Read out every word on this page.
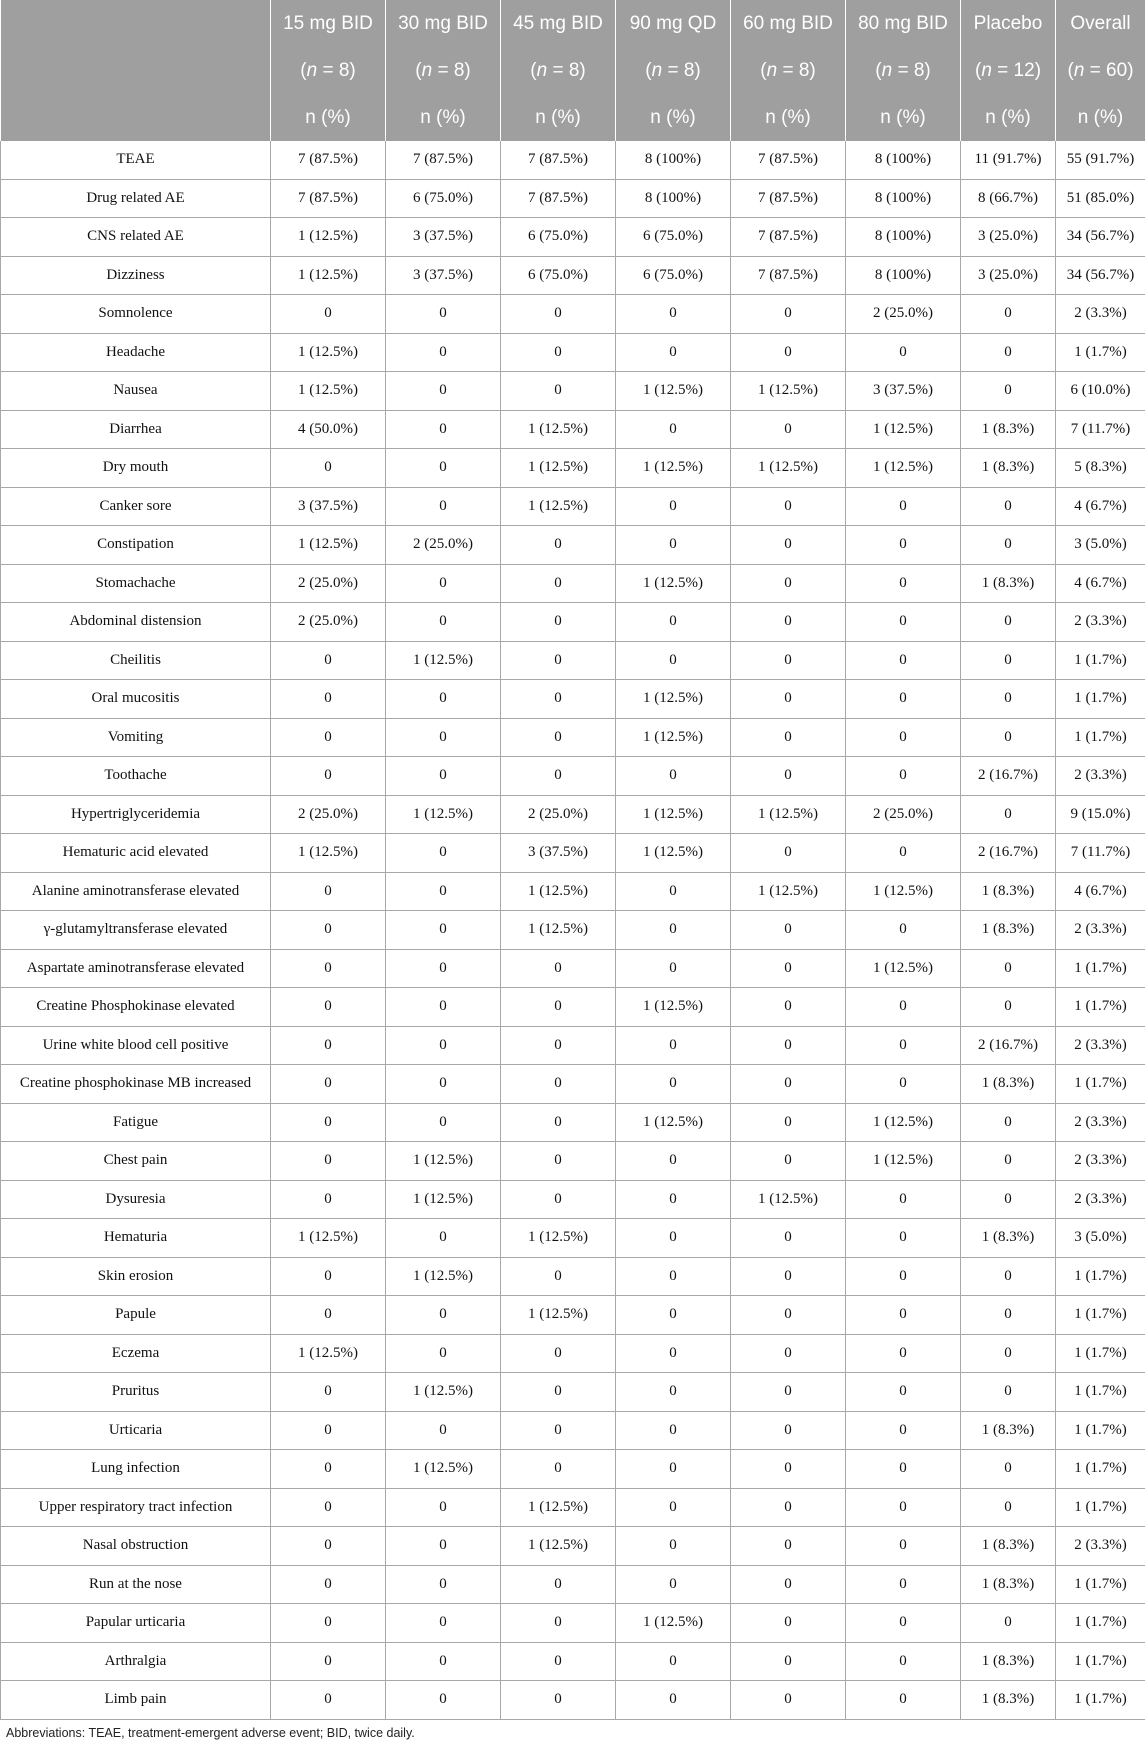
	15 mg BID	30 mg BID	45 mg BID	90 mg QD	60 mg BID	80 mg BID	Placebo	Overall
	(n = 8)	(n = 8)	(n = 8)	(n = 8)	(n = 8)	(n = 8)	(n = 12)	(n = 60)
	n (%)	n (%)	n (%)	n (%)	n (%)	n (%)	n (%)	n (%)
TEAE	7 (87.5%)	7 (87.5%)	7 (87.5%)	8 (100%)	7 (87.5%)	8 (100%)	11 (91.7%)	55 (91.7%)
Drug related AE	7 (87.5%)	6 (75.0%)	7 (87.5%)	8 (100%)	7 (87.5%)	8 (100%)	8 (66.7%)	51 (85.0%)
CNS related AE	1 (12.5%)	3 (37.5%)	6 (75.0%)	6 (75.0%)	7 (87.5%)	8 (100%)	3 (25.0%)	34 (56.7%)
Dizziness	1 (12.5%)	3 (37.5%)	6 (75.0%)	6 (75.0%)	7 (87.5%)	8 (100%)	3 (25.0%)	34 (56.7%)
Somnolence	0	0	0	0	0	2 (25.0%)	0	2 (3.3%)
Headache	1 (12.5%)	0	0	0	0	0	0	1 (1.7%)
Nausea	1 (12.5%)	0	0	1 (12.5%)	1 (12.5%)	3 (37.5%)	0	6 (10.0%)
Diarrhea	4 (50.0%)	0	1 (12.5%)	0	0	1 (12.5%)	1 (8.3%)	7 (11.7%)
Dry mouth	0	0	1 (12.5%)	1 (12.5%)	1 (12.5%)	1 (12.5%)	1 (8.3%)	5 (8.3%)
Canker sore	3 (37.5%)	0	1 (12.5%)	0	0	0	0	4 (6.7%)
Constipation	1 (12.5%)	2 (25.0%)	0	0	0	0	0	3 (5.0%)
Stomachache	2 (25.0%)	0	0	1 (12.5%)	0	0	1 (8.3%)	4 (6.7%)
Abdominal distension	2 (25.0%)	0	0	0	0	0	0	2 (3.3%)
Cheilitis	0	1 (12.5%)	0	0	0	0	0	1 (1.7%)
Oral mucositis	0	0	0	1 (12.5%)	0	0	0	1 (1.7%)
Vomiting	0	0	0	1 (12.5%)	0	0	0	1 (1.7%)
Toothache	0	0	0	0	0	0	2 (16.7%)	2 (3.3%)
Hypertriglyceridemia	2 (25.0%)	1 (12.5%)	2 (25.0%)	1 (12.5%)	1 (12.5%)	2 (25.0%)	0	9 (15.0%)
Hematuric acid elevated	1 (12.5%)	0	3 (37.5%)	1 (12.5%)	0	0	2 (16.7%)	7 (11.7%)
Alanine aminotransferase elevated	0	0	1 (12.5%)	0	1 (12.5%)	1 (12.5%)	1 (8.3%)	4 (6.7%)
γ-glutamyltransferase elevated	0	0	1 (12.5%)	0	0	0	1 (8.3%)	2 (3.3%)
Aspartate aminotransferase elevated	0	0	0	0	0	1 (12.5%)	0	1 (1.7%)
Creatine Phosphokinase elevated	0	0	0	1 (12.5%)	0	0	0	1 (1.7%)
Urine white blood cell positive	0	0	0	0	0	0	2 (16.7%)	2 (3.3%)
Creatine phosphokinase MB increased	0	0	0	0	0	0	1 (8.3%)	1 (1.7%)
Fatigue	0	0	0	1 (12.5%)	0	1 (12.5%)	0	2 (3.3%)
Chest pain	0	1 (12.5%)	0	0	0	1 (12.5%)	0	2 (3.3%)
Dysuresia	0	1 (12.5%)	0	0	1 (12.5%)	0	0	2 (3.3%)
Hematuria	1 (12.5%)	0	1 (12.5%)	0	0	0	1 (8.3%)	3 (5.0%)
Skin erosion	0	1 (12.5%)	0	0	0	0	0	1 (1.7%)
Papule	0	0	1 (12.5%)	0	0	0	0	1 (1.7%)
Eczema	1 (12.5%)	0	0	0	0	0	0	1 (1.7%)
Pruritus	0	1 (12.5%)	0	0	0	0	0	1 (1.7%)
Urticaria	0	0	0	0	0	0	1 (8.3%)	1 (1.7%)
Lung infection	0	1 (12.5%)	0	0	0	0	0	1 (1.7%)
Upper respiratory tract infection	0	0	1 (12.5%)	0	0	0	0	1 (1.7%)
Nasal obstruction	0	0	1 (12.5%)	0	0	0	1 (8.3%)	2 (3.3%)
Run at the nose	0	0	0	0	0	0	1 (8.3%)	1 (1.7%)
Papular urticaria	0	0	0	1 (12.5%)	0	0	0	1 (1.7%)
Arthralgia	0	0	0	0	0	0	1 (8.3%)	1 (1.7%)
Limb pain	0	0	0	0	0	0	1 (8.3%)	1 (1.7%)
Abbreviations: TEAE, treatment-emergent adverse event; BID, twice daily.
